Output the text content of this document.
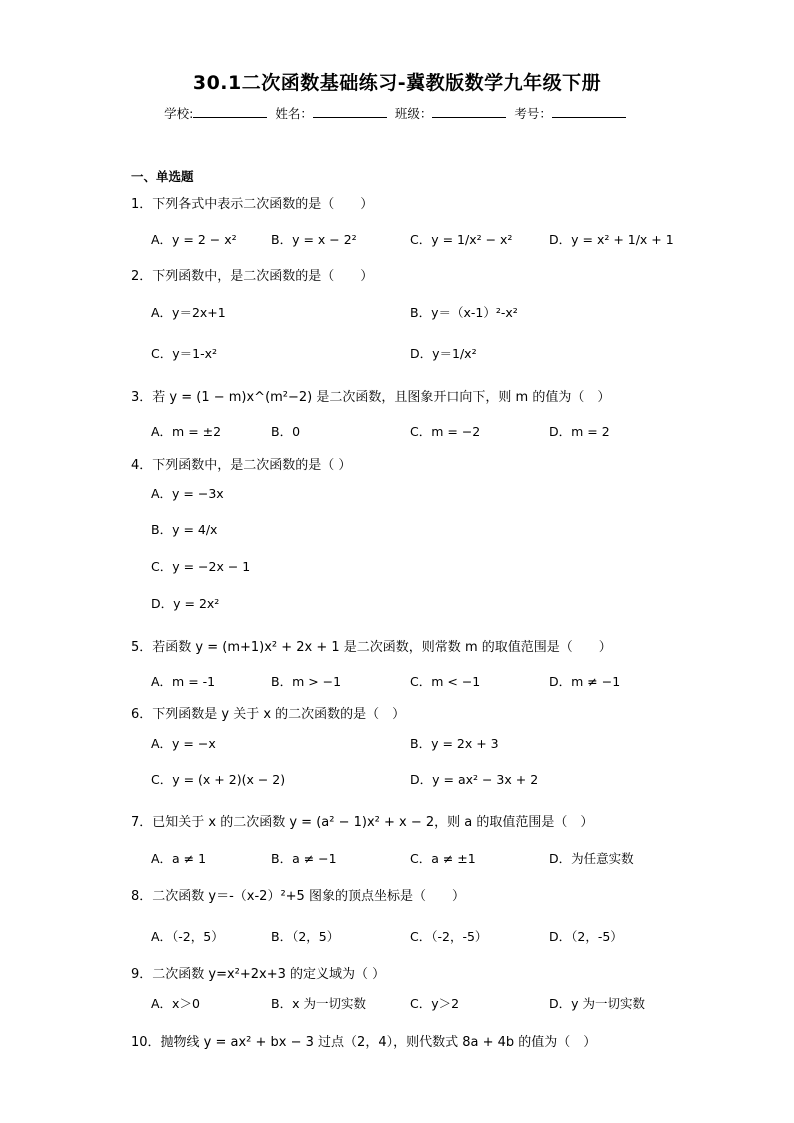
30.1二次函数基础练习-冀教版数学九年级下册
学校:	姓名：	班级：	考号：
一、单选题
1．下列各式中表示二次函数的是（　　）
A．y = 2 − x²	B．y = x − 2²	C．y = 1/x² − x²	D．y = x² + 1/x + 1
2．下列函数中，是二次函数的是（　　）
A．y＝2x+1	B．y＝（x-1）²-x²
C．y＝1-x²	D．y＝1/x²
3．若 y = (1 − m)x^(m²−2) 是二次函数，且图象开口向下，则 m 的值为（　）
A．m = ±2	B．0	C．m = −2	D．m = 2
4．下列函数中，是二次函数的是（ ）
A．y = −3x
B．y = 4/x
C．y = −2x − 1
D．y = 2x²
5．若函数 y = (m+1)x² + 2x + 1 是二次函数，则常数 m 的取值范围是（　　）
A．m = -1	B．m > −1	C．m < −1	D．m ≠ −1
6．下列函数是 y 关于 x 的二次函数的是（　）
A．y = −x	B．y = 2x + 3
C．y = (x + 2)(x − 2)	D．y = ax² − 3x + 2
7．已知关于 x 的二次函数 y = (a² − 1)x² + x − 2，则 a 的取值范围是（　）
A．a ≠ 1	B．a ≠ −1	C．a ≠ ±1	D．为任意实数
8．二次函数 y＝-（x-2）²+5 图象的顶点坐标是（　　）
A．（-2，5）	B．（2，5）	C．（-2，-5）	D．（2，-5）
9．二次函数 y=x²+2x+3 的定义域为（ ）
A．x＞0	B．x 为一切实数	C．y＞2	D．y 为一切实数
10．抛物线 y = ax² + bx − 3 过点（2，4），则代数式 8a + 4b 的值为（　）
